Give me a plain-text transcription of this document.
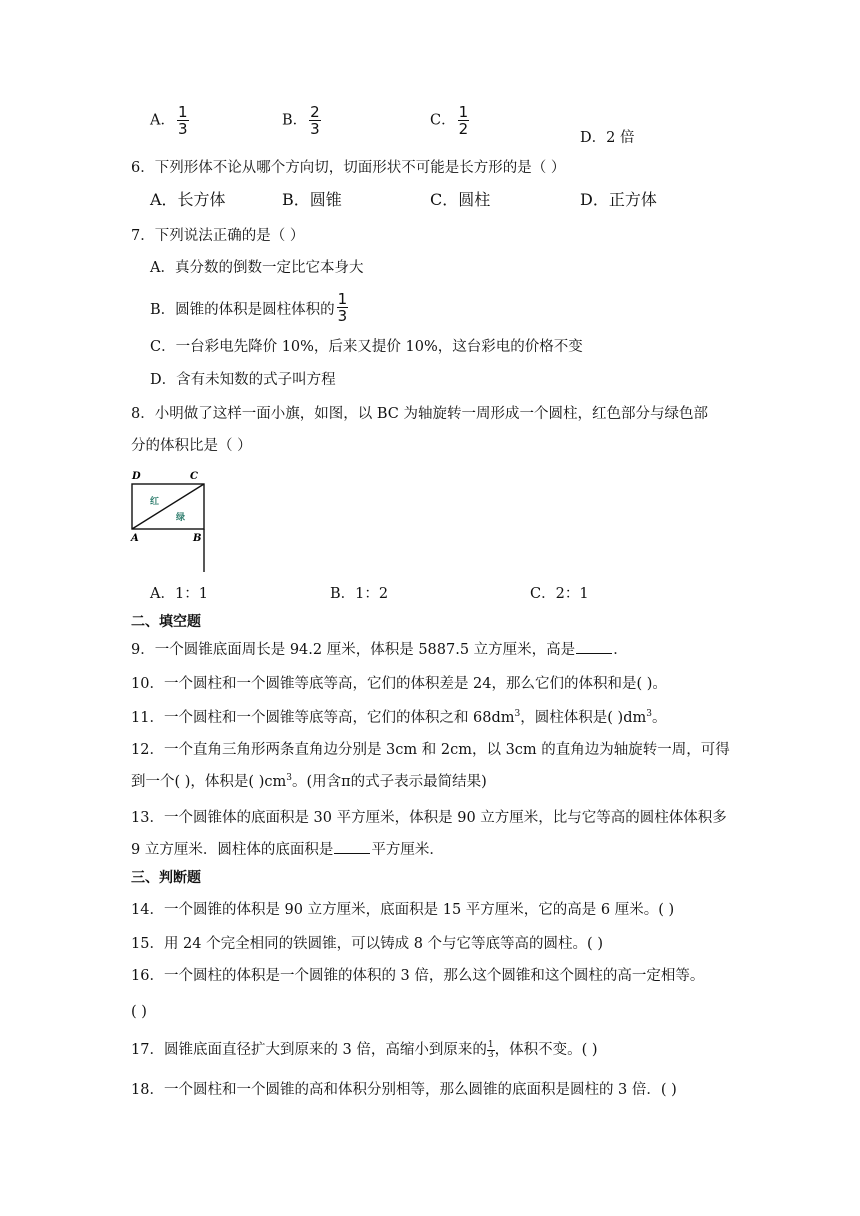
A． $\frac{1}{3}$	B． $\frac{2}{3}$	C． $\frac{1}{2}$
D．2 倍
6．下列形体不论从哪个方向切，切面形状不可能是长方形的是（ ）
A．长方体	B．圆锥	C．圆柱	D．正方体
7．下列说法正确的是（ ）
A．真分数的倒数一定比它本身大
B．圆锥的体积是圆柱体积的 $\frac{1}{3}$
C．一台彩电先降价 10%，后来又提价 10%，这台彩电的价格不变
D．含有未知数的式子叫方程
8．小明做了这样一面小旗，如图，以 BC 为轴旋转一周形成一个圆柱，红色部分与绿色部
分的体积比是（ ）
D	C
红
绿
A	B
A．1：1	B．1：2	C．2：1
二、填空题
9．一个圆锥底面周长是 94.2 厘米，体积是 5887.5 立方厘米，高是	．
10．一个圆柱和一个圆锥等底等高，它们的体积差是 24，那么它们的体积和是( )。
11．一个圆柱和一个圆锥等底等高，它们的体积之和 $68dm^3$，圆柱体积是( )$dm^3$。
12．一个直角三角形两条直角边分别是 3cm 和 2cm，以 3cm 的直角边为轴旋转一周，可得
到一个( )，体积是( )$cm^3$。(用含π的式子表示最简结果)
13．一个圆锥体的底面积是 30 平方厘米，体积是 90 立方厘米，比与它等高的圆柱体体积多
9 立方厘米．圆柱体的底面积是	平方厘米．
三、判断题
14．一个圆锥的体积是 90 立方厘米，底面积是 15 平方厘米，它的高是 6 厘米。( )
15．用 24 个完全相同的铁圆锥，可以铸成 8 个与它等底等高的圆柱。( )
16．一个圆柱的体积是一个圆锥的体积的 3 倍，那么这个圆锥和这个圆柱的高一定相等。
( )
17．圆锥底面直径扩大到原来的 3 倍，高缩小到原来的 $\frac{1}{3}$ ，体积不变。( )
18．一个圆柱和一个圆锥的高和体积分别相等，那么圆锥的底面积是圆柱的 3 倍．( )
